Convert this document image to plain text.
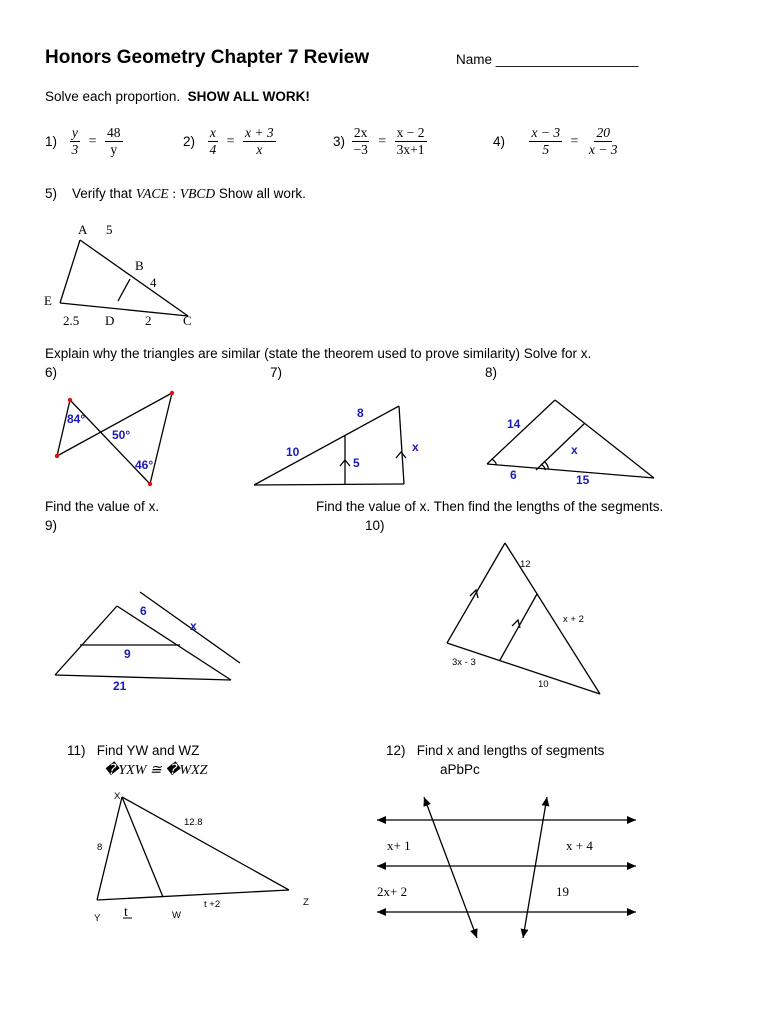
Honors Geometry Chapter 7 Review	Name ___________________
Solve each proportion. SHOW ALL WORK!
$1) \frac{y}{3} = \frac{48}{y}$	$2) \frac{x}{4} = \frac{x + 3}{x}$	$3) \frac{2x}{-3} = \frac{x - 2}{3x+1}$	$4) \frac{x - 3}{5} = \frac{20}{x - 3}$
5) Verify that VACE : VBCD Show all work.
Explain why the triangles are similar (state the theorem used to prove similarity) Solve for x.
6)	7)	8)
Find the value of x.	Find the value of x. Then find the lengths of the segments.
9)	10)
11) Find YW and WZ
�YXW ≅ �WXZ
12) Find x and lengths of segments
aPbPc
A 5
B
4
E
2.5 D 2 C
84°
50°
46°
8
10
5
x
14
6
x
15
6
x
9
21
12
x + 2
3x - 3
10
X
Y	W
Z
8
12.8
t +2
t
x+ 1	x + 4
2x+ 2	19
